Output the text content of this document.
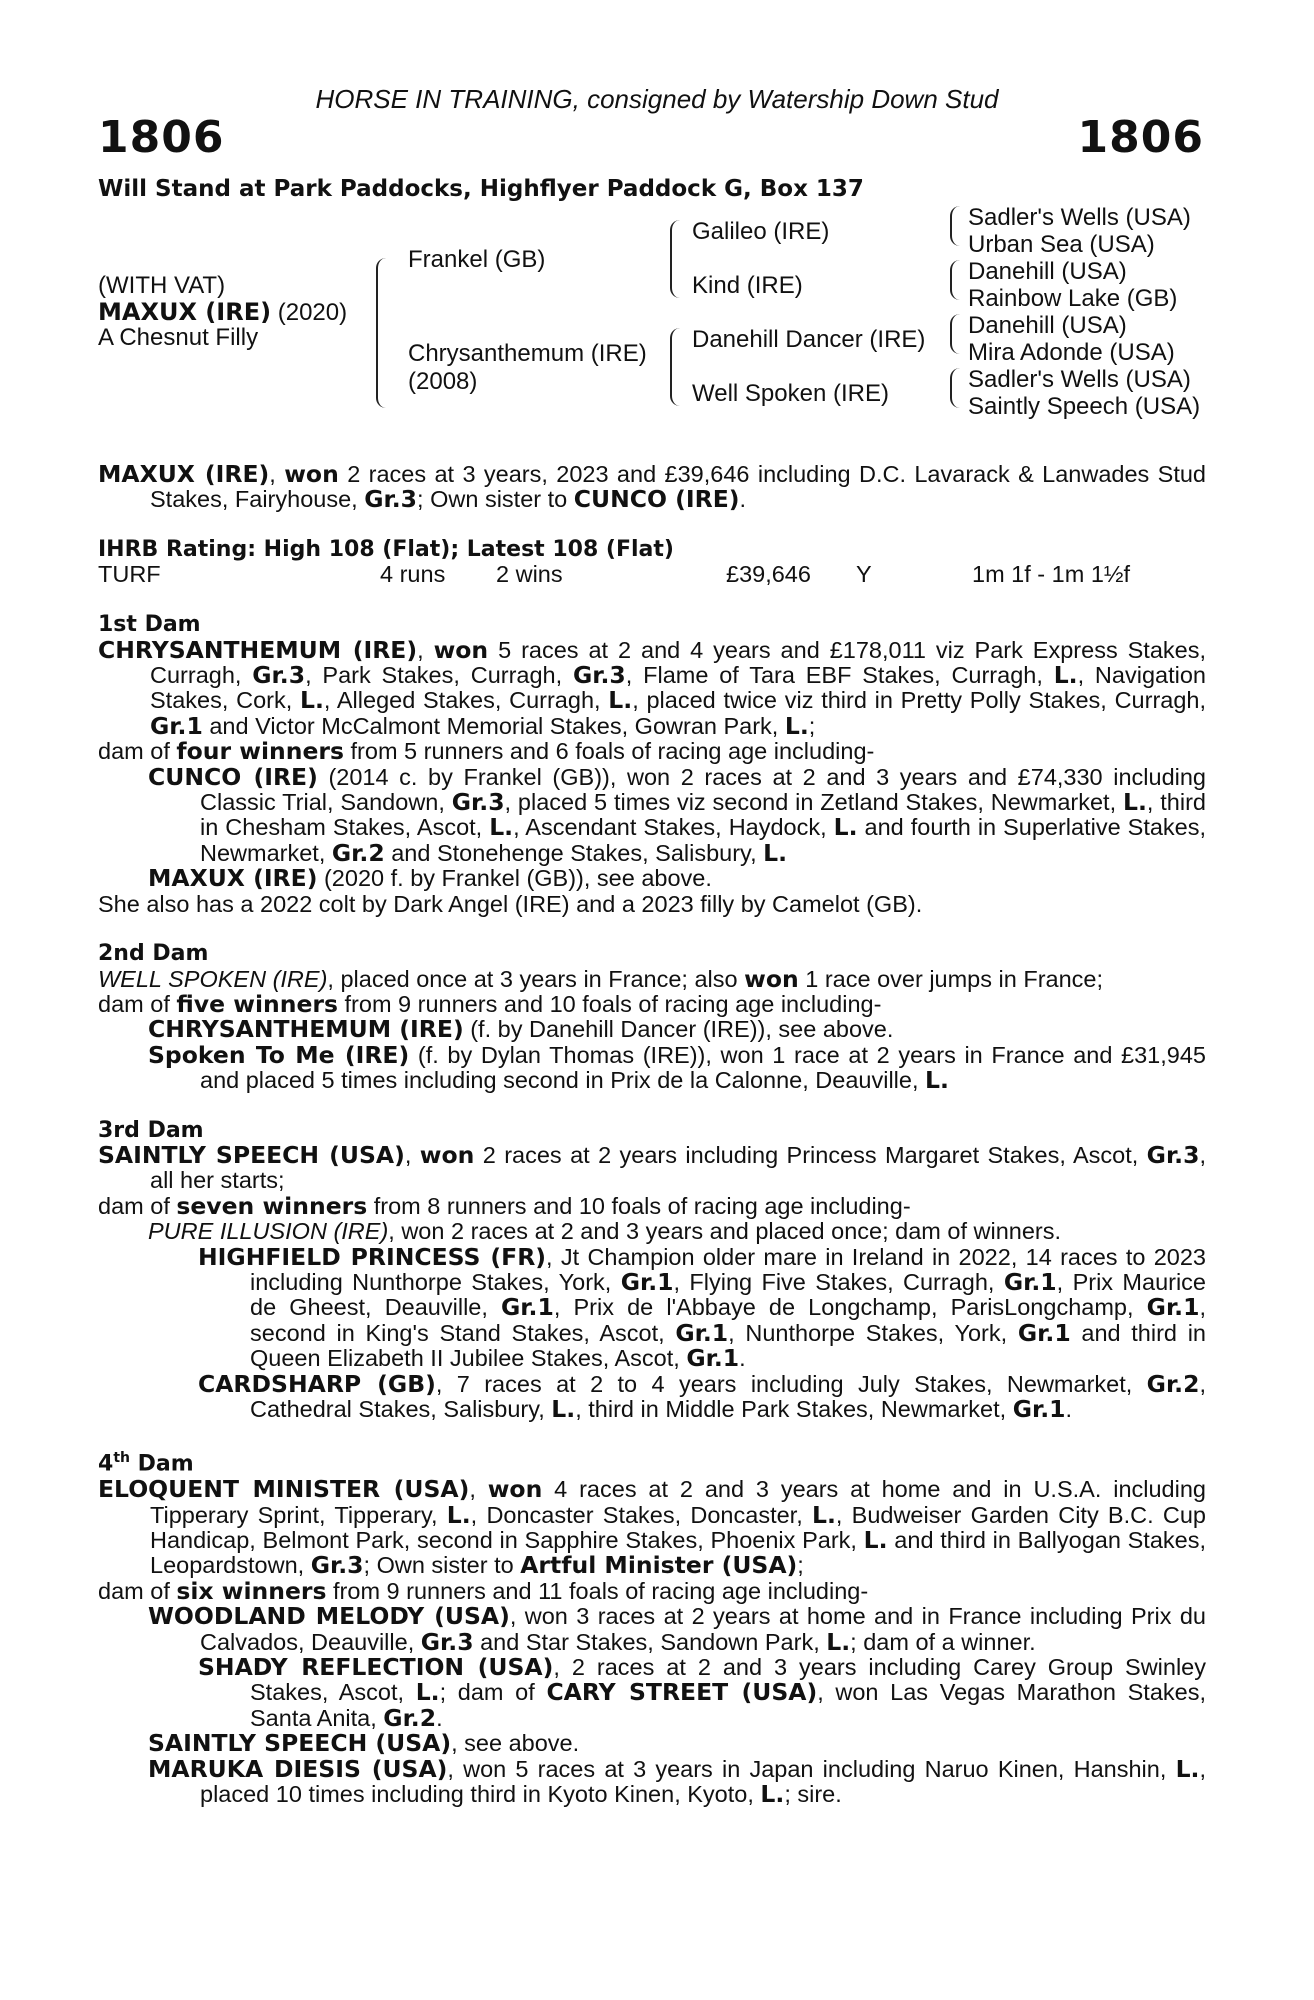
HORSE IN TRAINING, consigned by Watership Down Stud
1806	1806
Will Stand at Park Paddocks, Highflyer Paddock G, Box 137
(WITH VAT)
MAXUX (IRE) (2020)
A Chesnut Filly
Frankel (GB)
Chrysanthemum (IRE)
(2008)
Galileo (IRE)
Kind (IRE)
Danehill Dancer (IRE)
Well Spoken (IRE)
Sadler's Wells (USA)
Urban Sea (USA)
Danehill (USA)
Rainbow Lake (GB)
Danehill (USA)
Mira Adonde (USA)
Sadler's Wells (USA)
Saintly Speech (USA)

MAXUX (IRE), won 2 races at 3 years, 2023 and £39,646 including D.C. Lavarack & Lanwades Stud Stakes, Fairyhouse, Gr.3; Own sister to CUNCO (IRE).

IHRB Rating: High 108 (Flat); Latest 108 (Flat)

TURF	4 runs 2 wins	£39,646 Y	1m 1f - 1m 1½f

1st Dam

CHRYSANTHEMUM (IRE), won 5 races at 2 and 4 years and £178,011 viz Park Express Stakes, Curragh, Gr.3, Park Stakes, Curragh, Gr.3, Flame of Tara EBF Stakes, Curragh, L., Navigation Stakes, Cork, L., Alleged Stakes, Curragh, L., placed twice viz third in Pretty Polly Stakes, Curragh, Gr.1 and Victor McCalmont Memorial Stakes, Gowran Park, L.;

dam of four winners from 5 runners and 6 foals of racing age including-

CUNCO (IRE) (2014 c. by Frankel (GB)), won 2 races at 2 and 3 years and £74,330 including Classic Trial, Sandown, Gr.3, placed 5 times viz second in Zetland Stakes, Newmarket, L., third in Chesham Stakes, Ascot, L., Ascendant Stakes, Haydock, L. and fourth in Superlative Stakes, Newmarket, Gr.2 and Stonehenge Stakes, Salisbury, L.

MAXUX (IRE) (2020 f. by Frankel (GB)), see above.

She also has a 2022 colt by Dark Angel (IRE) and a 2023 filly by Camelot (GB).

2nd Dam

WELL SPOKEN (IRE), placed once at 3 years in France; also won 1 race over jumps in France;

dam of five winners from 9 runners and 10 foals of racing age including-

CHRYSANTHEMUM (IRE) (f. by Danehill Dancer (IRE)), see above.

Spoken To Me (IRE) (f. by Dylan Thomas (IRE)), won 1 race at 2 years in France and £31,945 and placed 5 times including second in Prix de la Calonne, Deauville, L.

3rd Dam

SAINTLY SPEECH (USA), won 2 races at 2 years including Princess Margaret Stakes, Ascot, Gr.3, all her starts;

dam of seven winners from 8 runners and 10 foals of racing age including-

PURE ILLUSION (IRE), won 2 races at 2 and 3 years and placed once; dam of winners.

HIGHFIELD PRINCESS (FR), Jt Champion older mare in Ireland in 2022, 14 races to 2023 including Nunthorpe Stakes, York, Gr.1, Flying Five Stakes, Curragh, Gr.1, Prix Maurice de Gheest, Deauville, Gr.1, Prix de l'Abbaye de Longchamp, ParisLongchamp, Gr.1, second in King's Stand Stakes, Ascot, Gr.1, Nunthorpe Stakes, York, Gr.1 and third in Queen Elizabeth II Jubilee Stakes, Ascot, Gr.1.

CARDSHARP (GB), 7 races at 2 to 4 years including July Stakes, Newmarket, Gr.2, Cathedral Stakes, Salisbury, L., third in Middle Park Stakes, Newmarket, Gr.1.

4th Dam

ELOQUENT MINISTER (USA), won 4 races at 2 and 3 years at home and in U.S.A. including Tipperary Sprint, Tipperary, L., Doncaster Stakes, Doncaster, L., Budweiser Garden City B.C. Cup Handicap, Belmont Park, second in Sapphire Stakes, Phoenix Park, L. and third in Ballyogan Stakes, Leopardstown, Gr.3; Own sister to Artful Minister (USA);

dam of six winners from 9 runners and 11 foals of racing age including-

WOODLAND MELODY (USA), won 3 races at 2 years at home and in France including Prix du Calvados, Deauville, Gr.3 and Star Stakes, Sandown Park, L.; dam of a winner.

SHADY REFLECTION (USA), 2 races at 2 and 3 years including Carey Group Swinley Stakes, Ascot, L.; dam of CARY STREET (USA), won Las Vegas Marathon Stakes, Santa Anita, Gr.2.

SAINTLY SPEECH (USA), see above.

MARUKA DIESIS (USA), won 5 races at 3 years in Japan including Naruo Kinen, Hanshin, L., placed 10 times including third in Kyoto Kinen, Kyoto, L.; sire.
